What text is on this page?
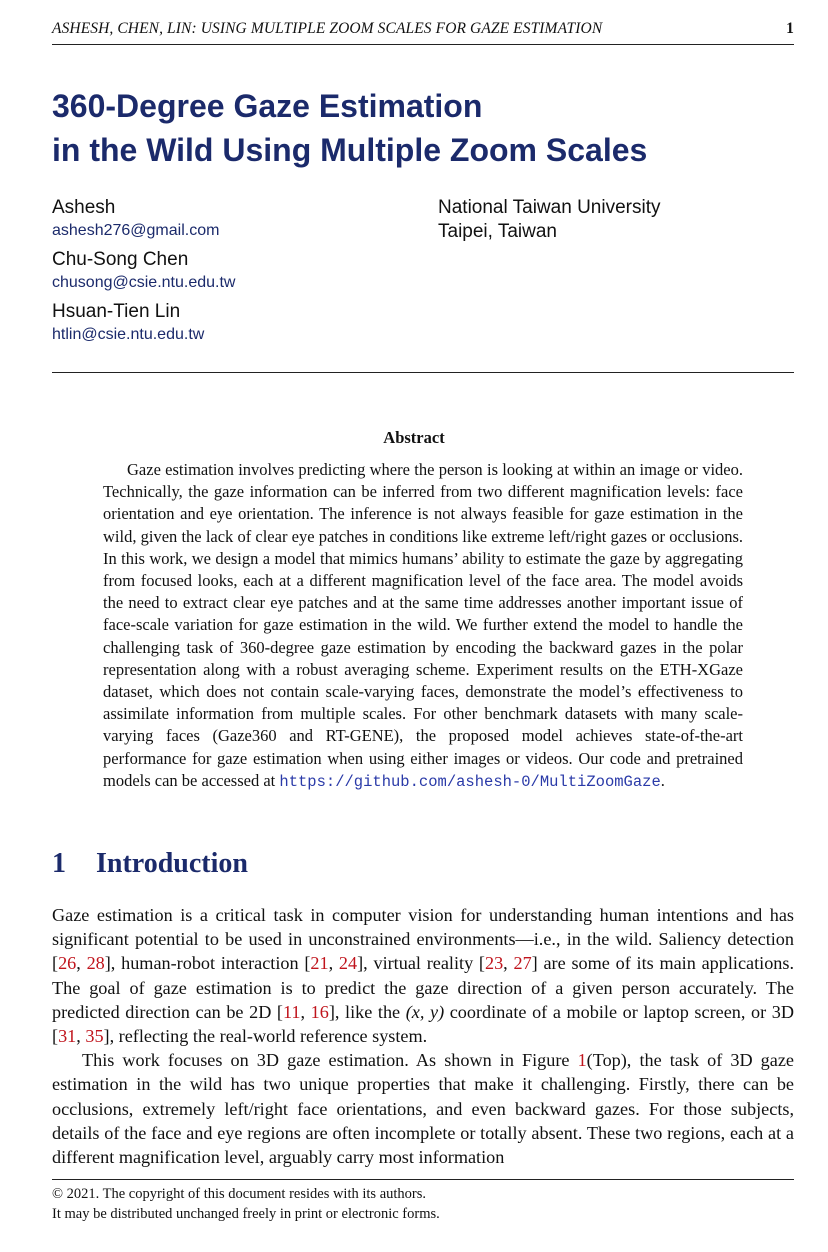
ASHESH, CHEN, LIN: USING MULTIPLE ZOOM SCALES FOR GAZE ESTIMATION	1
360-Degree Gaze Estimation
in the Wild Using Multiple Zoom Scales
Ashesh
ashesh276@gmail.com
Chu-Song Chen
chusong@csie.ntu.edu.tw
Hsuan-Tien Lin
htlin@csie.ntu.edu.tw
National Taiwan University
Taipei, Taiwan
Abstract
Gaze estimation involves predicting where the person is looking at within an image or video. Technically, the gaze information can be inferred from two different magnification levels: face orientation and eye orientation. The inference is not always feasible for gaze estimation in the wild, given the lack of clear eye patches in conditions like extreme left/right gazes or occlusions. In this work, we design a model that mimics humans’ ability to estimate the gaze by aggregating from focused looks, each at a different magnification level of the face area. The model avoids the need to extract clear eye patches and at the same time addresses another important issue of face-scale variation for gaze estimation in the wild. We further extend the model to handle the challenging task of 360-degree gaze estimation by encoding the backward gazes in the polar representation along with a robust averaging scheme. Experiment results on the ETH-XGaze dataset, which does not contain scale-varying faces, demonstrate the model’s effectiveness to assimilate information from multiple scales. For other benchmark datasets with many scale-varying faces (Gaze360 and RT-GENE), the proposed model achieves state-of-the-art performance for gaze estimation when using either images or videos. Our code and pretrained models can be accessed at https://github.com/ashesh-0/MultiZoomGaze.
1 Introduction

Gaze estimation is a critical task in computer vision for understanding human intentions and has significant potential to be used in unconstrained environments—i.e., in the wild. Saliency detection [26, 28], human-robot interaction [21, 24], virtual reality [23, 27] are some of its main applications. The goal of gaze estimation is to predict the gaze direction of a given person accurately. The predicted direction can be 2D [11, 16], like the (x, y) coordinate of a mobile or laptop screen, or 3D [31, 35], reflecting the real-world reference system.

This work focuses on 3D gaze estimation. As shown in Figure 1(Top), the task of 3D gaze estimation in the wild has two unique properties that make it challenging. Firstly, there can be occlusions, extremely left/right face orientations, and even backward gazes. For those subjects, details of the face and eye regions are often incomplete or totally absent. These two regions, each at a different magnification level, arguably carry most information

© 2021. The copyright of this document resides with its authors.
It may be distributed unchanged freely in print or electronic forms.
